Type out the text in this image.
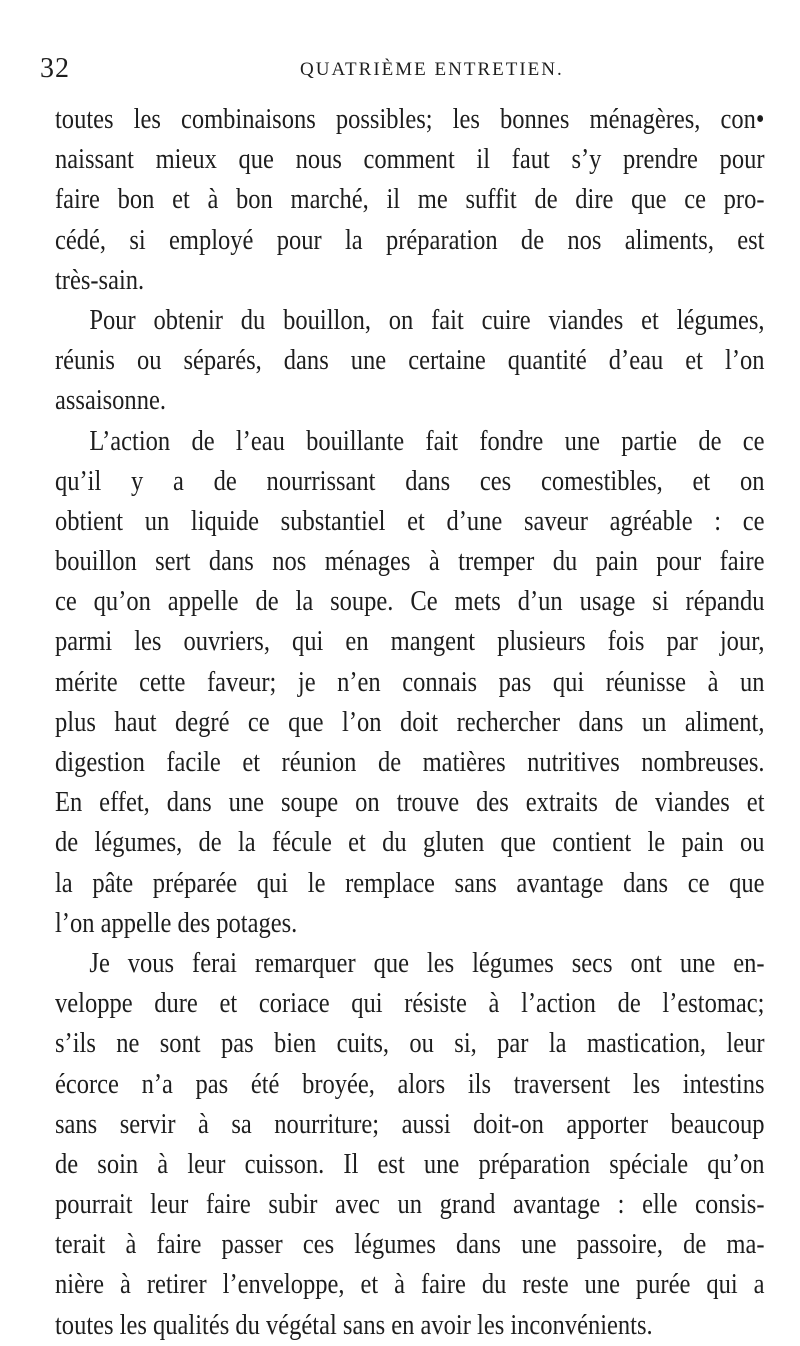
32	QUATRIÈME ENTRETIEN.
toutes les combinaisons possibles; les bonnes ménagères, con•
naissant mieux que nous comment il faut s’y prendre pour
faire bon et à bon marché, il me suffit de dire que ce pro-
cédé, si employé pour la préparation de nos aliments, est
très-sain.
Pour obtenir du bouillon, on fait cuire viandes et légumes,
réunis ou séparés, dans une certaine quantité d’eau et l’on
assaisonne.
L’action de l’eau bouillante fait fondre une partie de ce
qu’il y a de nourrissant dans ces comestibles, et on
obtient un liquide substantiel et d’une saveur agréable : ce
bouillon sert dans nos ménages à tremper du pain pour faire
ce qu’on appelle de la soupe. Ce mets d’un usage si répandu
parmi les ouvriers, qui en mangent plusieurs fois par jour,
mérite cette faveur; je n’en connais pas qui réunisse à un
plus haut degré ce que l’on doit rechercher dans un aliment,
digestion facile et réunion de matières nutritives nombreuses.
En effet, dans une soupe on trouve des extraits de viandes et
de légumes, de la fécule et du gluten que contient le pain ou
la pâte préparée qui le remplace sans avantage dans ce que
l’on appelle des potages.
Je vous ferai remarquer que les légumes secs ont une en-
veloppe dure et coriace qui résiste à l’action de l’estomac;
s’ils ne sont pas bien cuits, ou si, par la mastication, leur
écorce n’a pas été broyée, alors ils traversent les intestins
sans servir à sa nourriture; aussi doit-on apporter beaucoup
de soin à leur cuisson. Il est une préparation spéciale qu’on
pourrait leur faire subir avec un grand avantage : elle consis-
terait à faire passer ces légumes dans une passoire, de ma-
nière à retirer l’enveloppe, et à faire du reste une purée qui a
toutes les qualités du végétal sans en avoir les inconvénients.
